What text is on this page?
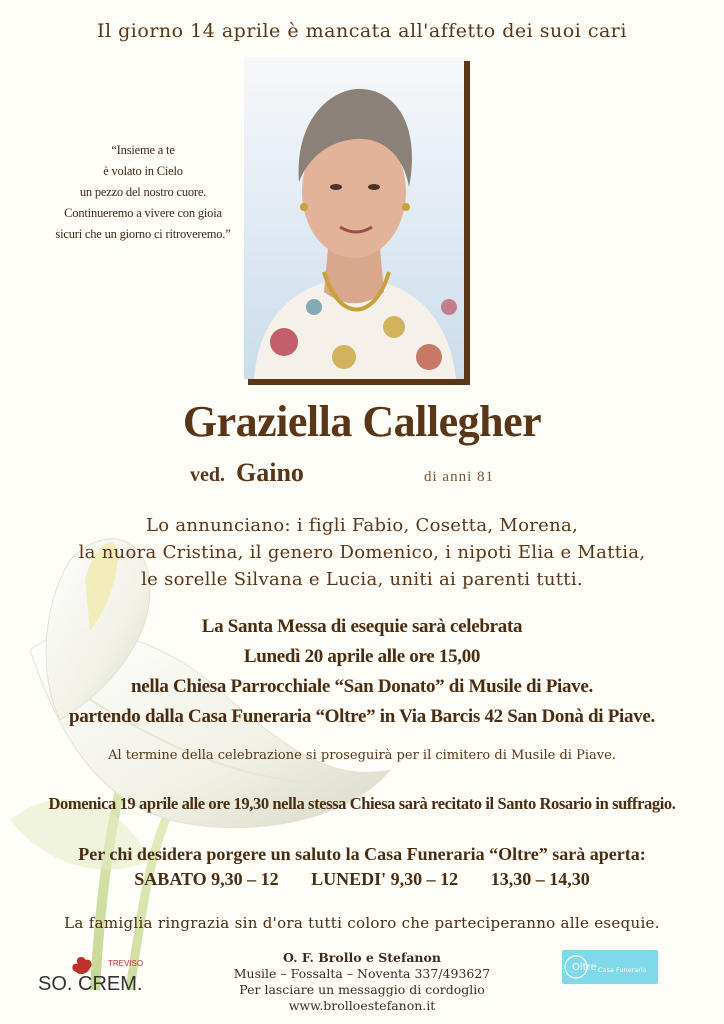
Il giorno 14 aprile è mancata all'affetto dei suoi cari
“Insieme a te
è volato in Cielo
un pezzo del nostro cuore.
Continueremo a vivere con gioia
sicuri che un giorno ci ritroveremo.”
Graziella Callegher
ved. Gaino	di anni 81
Lo annunciano: i figli Fabio, Cosetta, Morena,
la nuora Cristina, il genero Domenico, i nipoti Elia e Mattia,
le sorelle Silvana e Lucia, uniti ai parenti tutti.
La Santa Messa di esequie sarà celebrata
Lunedì 20 aprile alle ore 15,00
nella Chiesa Parrocchiale “San Donato” di Musile di Piave.
partendo dalla Casa Funeraria “Oltre” in Via Barcis 42 San Donà di Piave.
Al termine della celebrazione si proseguirà per il cimitero di Musile di Piave.
Domenica 19 aprile alle ore 19,30 nella stessa Chiesa sarà recitato il Santo Rosario in suffragio.
Per chi desidera porgere un saluto la Casa Funeraria “Oltre” sarà aperta:
SABATO 9,30 – 12 LUNEDI' 9,30 – 12 13,30 – 14,30
La famiglia ringrazia sin d'ora tutti coloro che parteciperanno alle esequie.
O. F. Brollo e Stefanon
Musile – Fossalta – Noventa 337/493627
Per lasciare un messaggio di cordoglio
www.brolloestefanon.it
TREVISO
SO. CREM.
Oltre Casa Funeraria
